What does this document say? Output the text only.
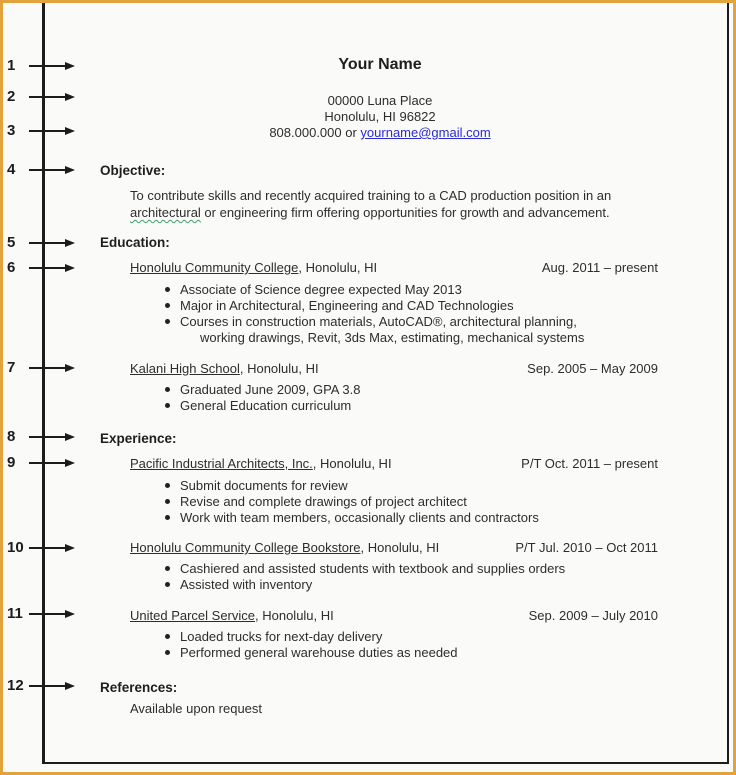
1
2
3
4
5
6
7
8
9
10
11
12
Your Name
00000 Luna Place
Honolulu, HI 96822
808.000.000 or yourname@gmail.com
Objective:

To contribute skills and recently acquired training to a CAD production position in an
architectural or engineering firm offering opportunities for growth and advancement.

Education:
Honolulu Community College, Honolulu, HI	Aug. 2011 – present
Associate of Science degree expected May 2013
Major in Architectural, Engineering and CAD Technologies
Courses in construction materials, AutoCAD®, architectural planning,
working drawings, Revit, 3ds Max, estimating, mechanical systems
Kalani High School, Honolulu, HI	Sep. 2005 – May 2009
Graduated June 2009, GPA 3.8
General Education curriculum
Experience:
Pacific Industrial Architects, Inc., Honolulu, HI	P/T Oct. 2011 – present
Submit documents for review
Revise and complete drawings of project architect
Work with team members, occasionally clients and contractors
Honolulu Community College Bookstore, Honolulu, HI	P/T Jul. 2010 – Oct 2011
Cashiered and assisted students with textbook and supplies orders
Assisted with inventory
United Parcel Service, Honolulu, HI	Sep. 2009 – July 2010
Loaded trucks for next-day delivery
Performed general warehouse duties as needed
References:
Available upon request
